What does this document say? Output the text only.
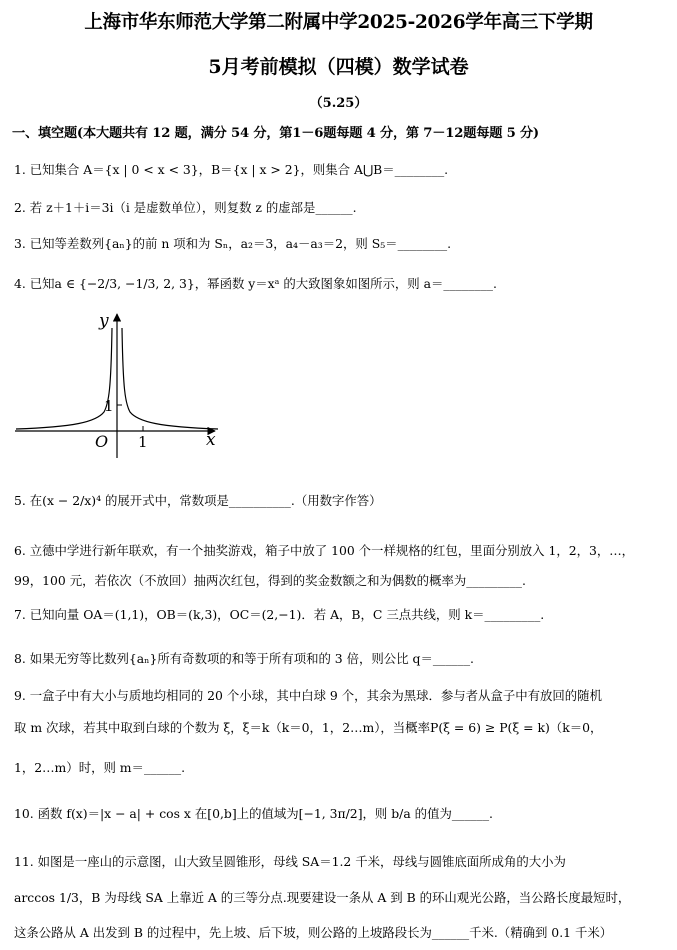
上海市华东师范大学第二附属中学2025-2026学年高三下学期
5月考前模拟（四模）数学试卷
（5.25）
一、填空题(本大题共有 12 题，满分 54 分，第1－6题每题 4 分，第 7－12题每题 5 分)
1. 已知集合 A＝{x | 0 < x < 3}，B＝{x | x > 2}，则集合 A⋃B＝________.
2. 若 z＋1＋i＝3i（i 是虚数单位），则复数 z 的虚部是______.
3. 已知等差数列{aₙ}的前 n 项和为 Sₙ，a₂＝3，a₄－a₃＝2，则 S₅＝________.
4. 已知a ∈ {−2/3, −1/3, 2, 3}，幂函数 y＝xᵃ 的大致图象如图所示，则 a＝________.
y
x
O 1
1
5. 在(x − 2/x)⁴ 的展开式中，常数项是__________.（用数字作答）
6. 立德中学进行新年联欢，有一个抽奖游戏，箱子中放了 100 个一样规格的红包，里面分别放入 1，2，3，…，
99，100 元，若依次（不放回）抽两次红包，得到的奖金数额之和为偶数的概率为_________.
7. 已知向量 OA＝(1,1)，OB＝(k,3)，OC＝(2,−1)．若 A，B，C 三点共线，则 k＝_________.
8. 如果无穷等比数列{aₙ}所有奇数项的和等于所有项和的 3 倍，则公比 q＝______.
9. 一盒子中有大小与质地均相同的 20 个小球，其中白球 9 个，其余为黑球．参与者从盒子中有放回的随机
取 m 次球，若其中取到白球的个数为 ξ，ξ＝k（k＝0，1，2…m），当概率P(ξ = 6) ≥ P(ξ = k)（k＝0，
1，2…m）时，则 m＝______.
10. 函数 f(x)＝|x − a| + cos x 在[0,b]上的值域为[−1, 3π/2]，则 b/a 的值为______.
11. 如图是一座山的示意图，山大致呈圆锥形，母线 SA＝1.2 千米，母线与圆锥底面所成角的大小为
arccos 1/3，B 为母线 SA 上靠近 A 的三等分点.现要建设一条从 A 到 B 的环山观光公路，当公路长度最短时，
这条公路从 A 出发到 B 的过程中，先上坡、后下坡，则公路的上坡路段长为______千米.（精确到 0.1 千米）
